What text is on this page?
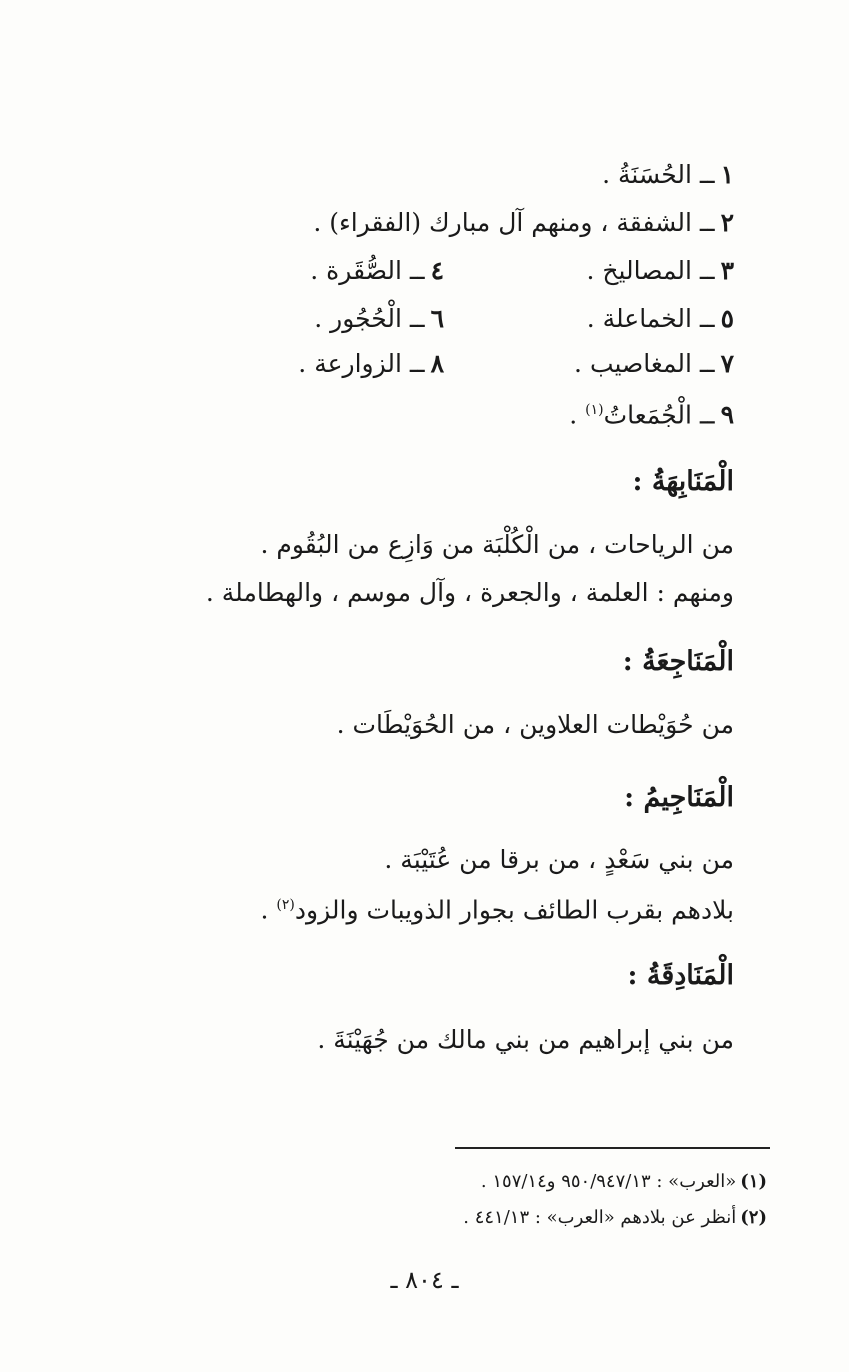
١ــ الحُسَنَةُ .
٢ــ الشفقة ، ومنهم آل مبارك (الفقراء) .
٣ــ المصاليخ .
٤ــ الصُّقَرة .
٥ــ الخماعلة .
٦ــ الْحُجُور .
٧ــ المغاصيب .
٨ــ الزوارعة .
٩ــ الْجُمَعاتُ$^{(١)}$ .
الْمَنَابِهَةُ :
من الرياحات ، من الْكُلْبَة من وَازِع من البُقُوم .
ومنهم : العلمة ، والجعرة ، وآل موسم ، والهطاملة .
الْمَنَاجِعَةُ :
من حُوَيْطات العلاوين ، من الحُوَيْطَات .
الْمَنَاجِيمُ :
من بني سَعْدٍ ، من برقا من عُتَيْبَة .
بلادهم بقرب الطائف بجوار الذويبات والزود$^{(٢)}$ .
الْمَنَادِقَةُ :
من بني إبراهيم من بني مالك من جُهَيْنَةَ .
(١)«العرب» : ٩٥٠/٩٤٧/١٣ و١٥٧/١٤ .
(٢)أنظر عن بلادهم «العرب» : ٤٤١/١٣ .
ـ ٨٠٤ ـ
